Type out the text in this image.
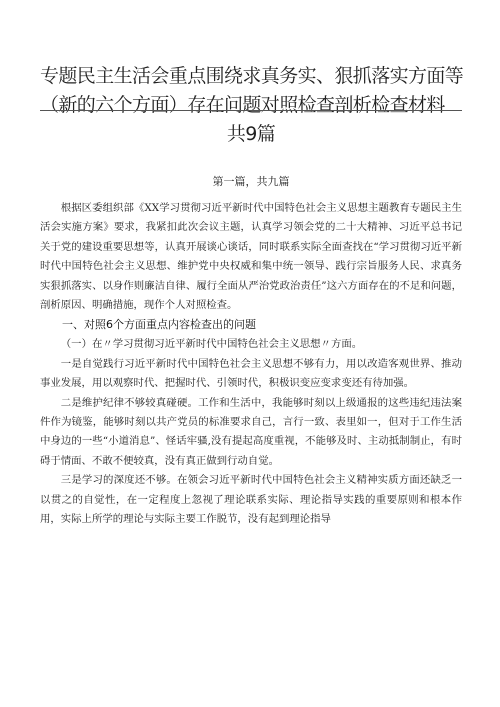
专题民主生活会重点围绕求真务实、狠抓落实方面等
（新的六个方面）存在问题对照检查剖析检查材料
共9篇

第一篇，共九篇

根据区委组织部《XX学习贯彻习近平新时代中国特色社会主义思想主题教育专题民主生活会实施方案》要求，我紧扣此次会议主题，认真学习领会党的二十大精神、习近平总书记关于党的建设重要思想等，认真开展谈心谈话，同时联系实际全面查找在“学习贯彻习近平新时代中国特色社会主义思想、维护党中央权威和集中统一领导、践行宗旨服务人民、求真务实狠抓落实、以身作则廉洁自律、履行全面从严治党政治责任”这六方面存在的不足和问题，剖析原因、明确措施，现作个人对照检查。

一、对照6个方面重点内容检查出的问题

（一）在〃学习贯彻习近平新时代中国特色社会主义思想〃方面。

一是自觉践行习近平新时代中国特色社会主义思想不够有力，用以改造客观世界、推动事业发展，用以观察时代、把握时代、引领时代，积极识变应变求变还有待加强。

二是维护纪律不够较真碰硬。工作和生活中，我能够时刻以上级通报的这些违纪违法案件作为镜鉴，能够时刻以共产党员的标准要求自己，言行一致、表里如一，但对于工作生活中身边的一些“小道消息”、怪话牢骚,没有提起高度重视，不能够及时、主动抵制制止，有时碍于情面、不敢不便较真，没有真正做到行动自觉。

三是学习的深度还不够。在领会习近平新时代中国特色社会主义精神实质方面还缺乏一以贯之的自觉性，在一定程度上忽视了理论联系实际、理论指导实践的重要原则和根本作用，实际上所学的理论与实际主要工作脱节，没有起到理论指导
